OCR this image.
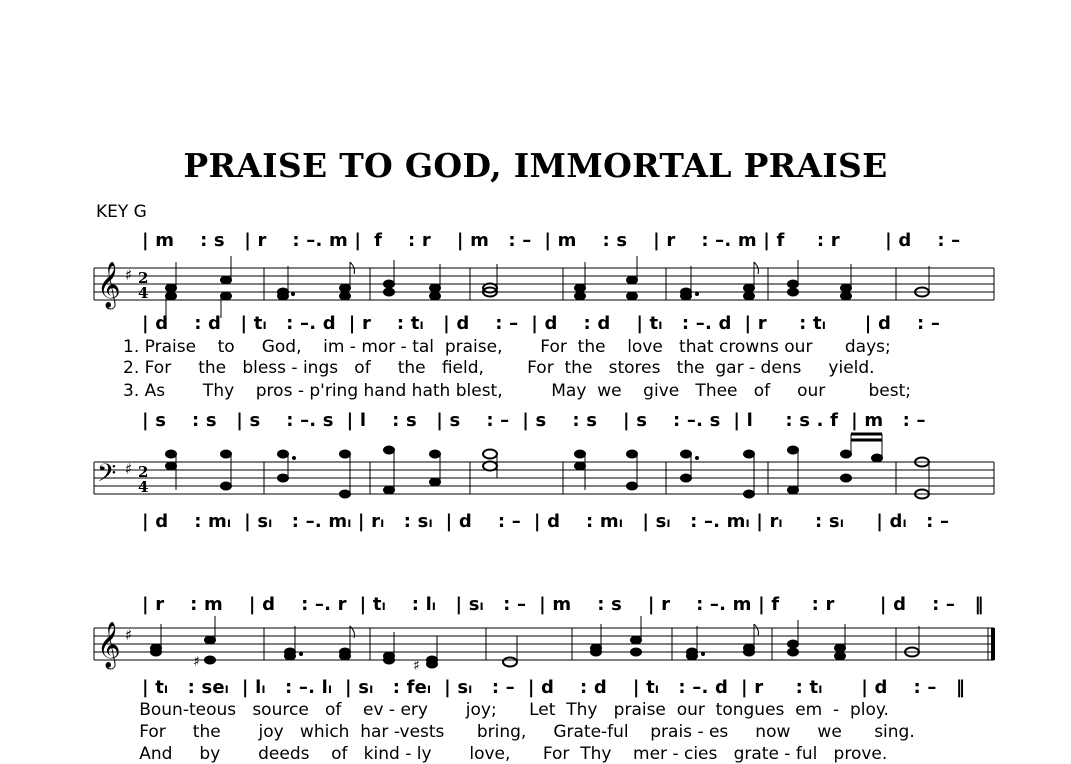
PRAISE TO GOD, IMMORTAL PRAISE
KEY G
| m    : s   | r    : –. m |  f    : r    | m   : –  | m    : s    | r    : –. m | f     : r       | d    : –
| d    : d   | tₗ   : –. d  | r    : tₗ   | d    : –  | d    : d    | tₗ   : –. d  | r     : tₗ      | d    : –
1. Praise    to     God,    im - mor - tal  praise,       For  the    love   that crowns our      days;
2. For     the   bless - ings   of     the   field,        For  the   stores   the  gar - dens     yield.
3. As       Thy    pros - p'ring hand hath blest,         May  we    give   Thee   of     our        best;
| s    : s   | s    : –. s  | l    : s   | s    : –  | s    : s    | s    : –. s  | l     : s . f  | m   : –
| d    : mₗ  | sₗ   : –. mₗ | rₗ   : sₗ  | d    : –  | d    : mₗ   | sₗ   : –. mₗ | rₗ     : sₗ     | dₗ   : –
| r    : m    | d    : –. r  | tₗ    : lₗ   | sₗ   : –  | m    : s    | r    : –. m | f     : r       | d    : –   ‖
| tₗ   : seₗ  | lₗ   : –. lₗ  | sₗ   : feₗ  | sₗ   : –  | d    : d    | tₗ   : –. d  | r     : tₗ      | d    : –   ‖
Boun-teous   source   of    ev - ery       joy;      Let  Thy   praise  our  tongues  em  -  ploy.
For     the       joy   which  har -vests      bring,     Grate-ful    prais - es     now     we      sing.
And     by       deeds    of   kind - ly       love,      For  Thy    mer - cies   grate - ful   prove.
𝄞 ♯ 2
4
𝄢 ♯ 2
4
𝄞 ♯
♯	♯
